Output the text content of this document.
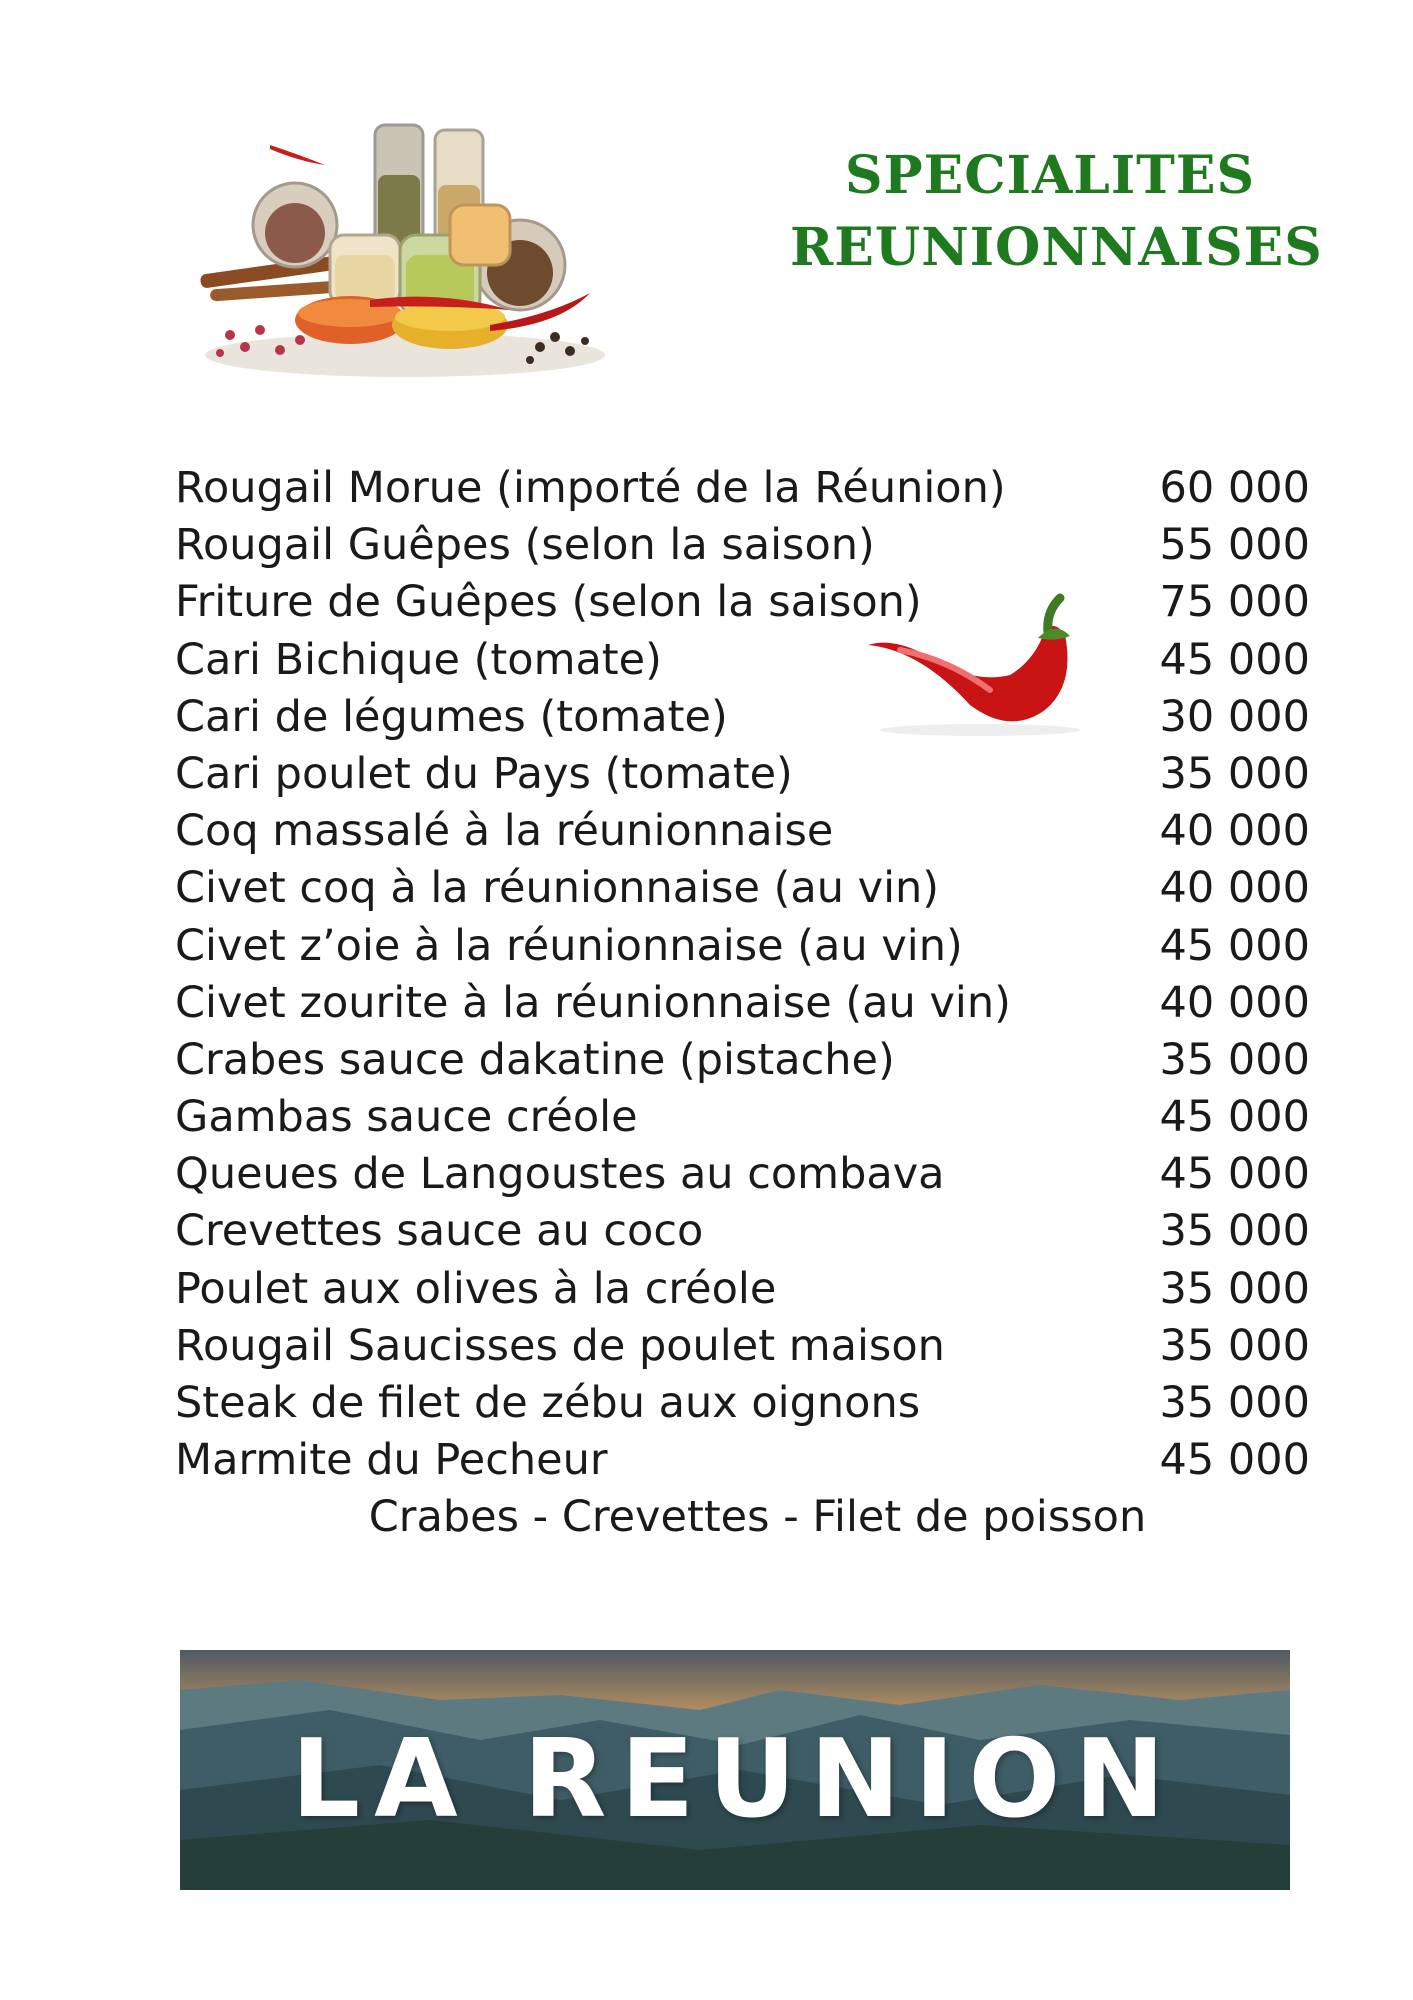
SPECIALITES
REUNIONNAISES
Rougail Morue (importé de la Réunion)	60 000
Rougail Guêpes (selon la saison)	55 000
Friture de Guêpes (selon la saison)	75 000
Cari Bichique (tomate)	45 000
Cari de légumes (tomate)	30 000
Cari poulet du Pays (tomate)	35 000
Coq massalé à la réunionnaise	40 000
Civet coq à la réunionnaise (au vin)	40 000
Civet z’oie à la réunionnaise (au vin)	45 000
Civet zourite à la réunionnaise (au vin)	40 000
Crabes sauce dakatine (pistache)	35 000
Gambas sauce créole	45 000
Queues de Langoustes au combava	45 000
Crevettes sauce au coco	35 000
Poulet aux olives à la créole	35 000
Rougail Saucisses de poulet maison	35 000
Steak de filet de zébu aux oignons	35 000
Marmite du Pecheur	45 000
Crabes - Crevettes - Filet de poisson
LA REUNION
